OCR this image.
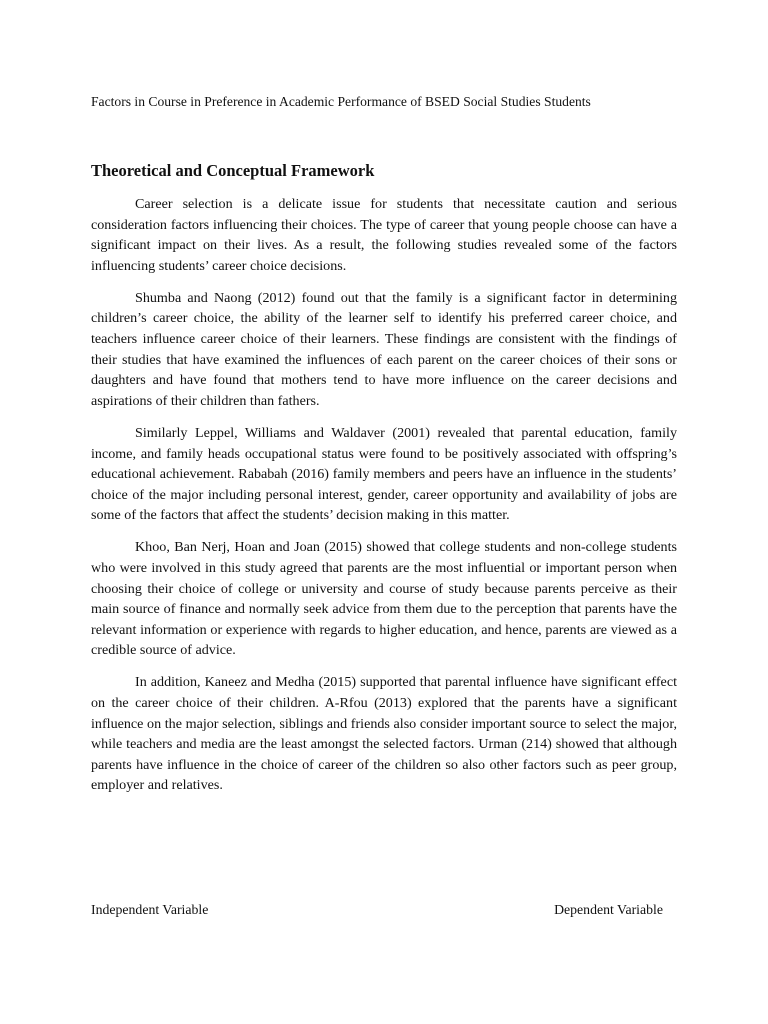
Factors in Course in Preference in Academic Performance of BSED Social Studies Students
Theoretical and Conceptual Framework

Career selection is a delicate issue for students that necessitate caution and serious consideration factors influencing their choices. The type of career that young people choose can have a significant impact on their lives. As a result, the following studies revealed some of the factors influencing students’ career choice decisions.

Shumba and Naong (2012) found out that the family is a significant factor in determining children’s career choice, the ability of the learner self to identify his preferred career choice, and teachers influence career choice of their learners. These findings are consistent with the findings of their studies that have examined the influences of each parent on the career choices of their sons or daughters and have found that mothers tend to have more influence on the career decisions and aspirations of their children than fathers.

Similarly Leppel, Williams and Waldaver (2001) revealed that parental education, family income, and family heads occupational status were found to be positively associated with offspring’s educational achievement. Rababah (2016) family members and peers have an influence in the students’ choice of the major including personal interest, gender, career opportunity and availability of jobs are some of the factors that affect the students’ decision making in this matter.

Khoo, Ban Nerj, Hoan and Joan (2015) showed that college students and non-college students who were involved in this study agreed that parents are the most influential or important person when choosing their choice of college or university and course of study because parents perceive as their main source of finance and normally seek advice from them due to the perception that parents have the relevant information or experience with regards to higher education, and hence, parents are viewed as a credible source of advice.

In addition, Kaneez and Medha (2015) supported that parental influence have significant effect on the career choice of their children. A-Rfou (2013) explored that the parents have a significant influence on the major selection, siblings and friends also consider important source to select the major, while teachers and media are the least amongst the selected factors. Urman (214) showed that although parents have influence in the choice of career of the children so also other factors such as peer group, employer and relatives.

Independent Variable	Dependent Variable
